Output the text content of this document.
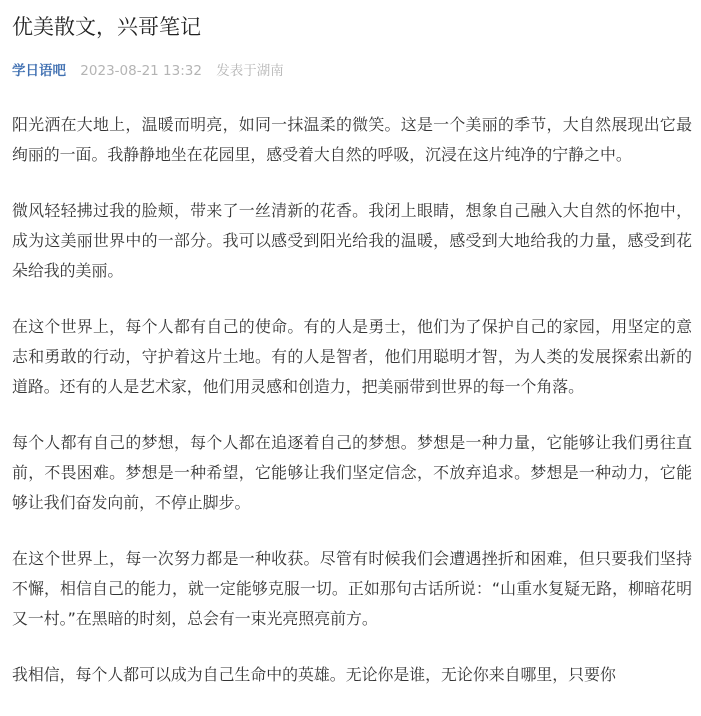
优美散文，兴哥笔记
学日语吧 2023-08-21 13:32 发表于湖南

阳光洒在大地上，温暖而明亮，如同一抹温柔的微笑。这是一个美丽的季节，大自然展现出它最绚丽的一面。我静静地坐在花园里，感受着大自然的呼吸，沉浸在这片纯净的宁静之中。

微风轻轻拂过我的脸颊，带来了一丝清新的花香。我闭上眼睛，想象自己融入大自然的怀抱中，成为这美丽世界中的一部分。我可以感受到阳光给我的温暖，感受到大地给我的力量，感受到花朵给我的美丽。

在这个世界上，每个人都有自己的使命。有的人是勇士，他们为了保护自己的家园，用坚定的意志和勇敢的行动，守护着这片土地。有的人是智者，他们用聪明才智，为人类的发展探索出新的道路。还有的人是艺术家，他们用灵感和创造力，把美丽带到世界的每一个角落。

每个人都有自己的梦想，每个人都在追逐着自己的梦想。梦想是一种力量，它能够让我们勇往直前，不畏困难。梦想是一种希望，它能够让我们坚定信念，不放弃追求。梦想是一种动力，它能够让我们奋发向前，不停止脚步。

在这个世界上，每一次努力都是一种收获。尽管有时候我们会遭遇挫折和困难，但只要我们坚持不懈，相信自己的能力，就一定能够克服一切。正如那句古话所说：“山重水复疑无路，柳暗花明又一村。”在黑暗的时刻，总会有一束光亮照亮前方。

我相信，每个人都可以成为自己生命中的英雄。无论你是谁，无论你来自哪里，只要你
